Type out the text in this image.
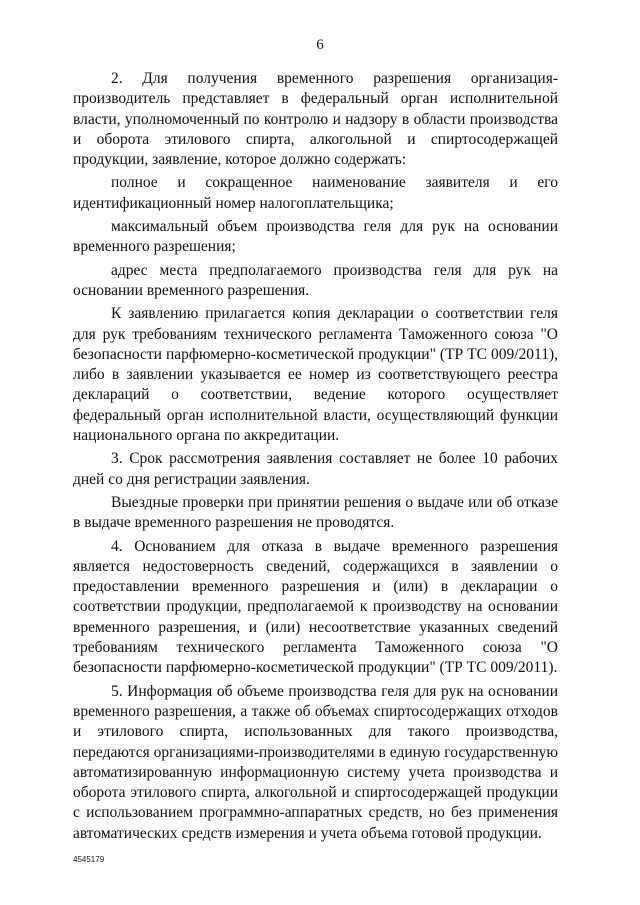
6

2. Для получения временного разрешения организация-производитель представляет в федеральный орган исполнительной власти, уполномоченный по контролю и надзору в области производства и оборота этилового спирта, алкогольной и спиртосодержащей продукции, заявление, которое должно содержать:

полное и сокращенное наименование заявителя и его идентификационный номер налогоплательщика;

максимальный объем производства геля для рук на основании временного разрешения;

адрес места предполагаемого производства геля для рук на основании временного разрешения.

К заявлению прилагается копия декларации о соответствии геля для рук требованиям технического регламента Таможенного союза "О безопасности парфюмерно-косметической продукции" (ТР ТС 009/2011), либо в заявлении указывается ее номер из соответствующего реестра деклараций о соответствии, ведение которого осуществляет федеральный орган исполнительной власти, осуществляющий функции национального органа по аккредитации.

3. Срок рассмотрения заявления составляет не более 10 рабочих дней со дня регистрации заявления.

Выездные проверки при принятии решения о выдаче или об отказе в выдаче временного разрешения не проводятся.

4. Основанием для отказа в выдаче временного разрешения является недостоверность сведений, содержащихся в заявлении о предоставлении временного разрешения и (или) в декларации о соответствии продукции, предполагаемой к производству на основании временного разрешения, и (или) несоответствие указанных сведений требованиям технического регламента Таможенного союза "О безопасности парфюмерно-косметической продукции" (ТР ТС 009/2011).

5. Информация об объеме производства геля для рук на основании временного разрешения, а также об объемах спиртосодержащих отходов и этилового спирта, использованных для такого производства, передаются организациями-производителями в единую государственную автоматизированную информационную систему учета производства и оборота этилового спирта, алкогольной и спиртосодержащей продукции с использованием программно-аппаратных средств, но без применения автоматических средств измерения и учета объема готовой продукции.

4545179
